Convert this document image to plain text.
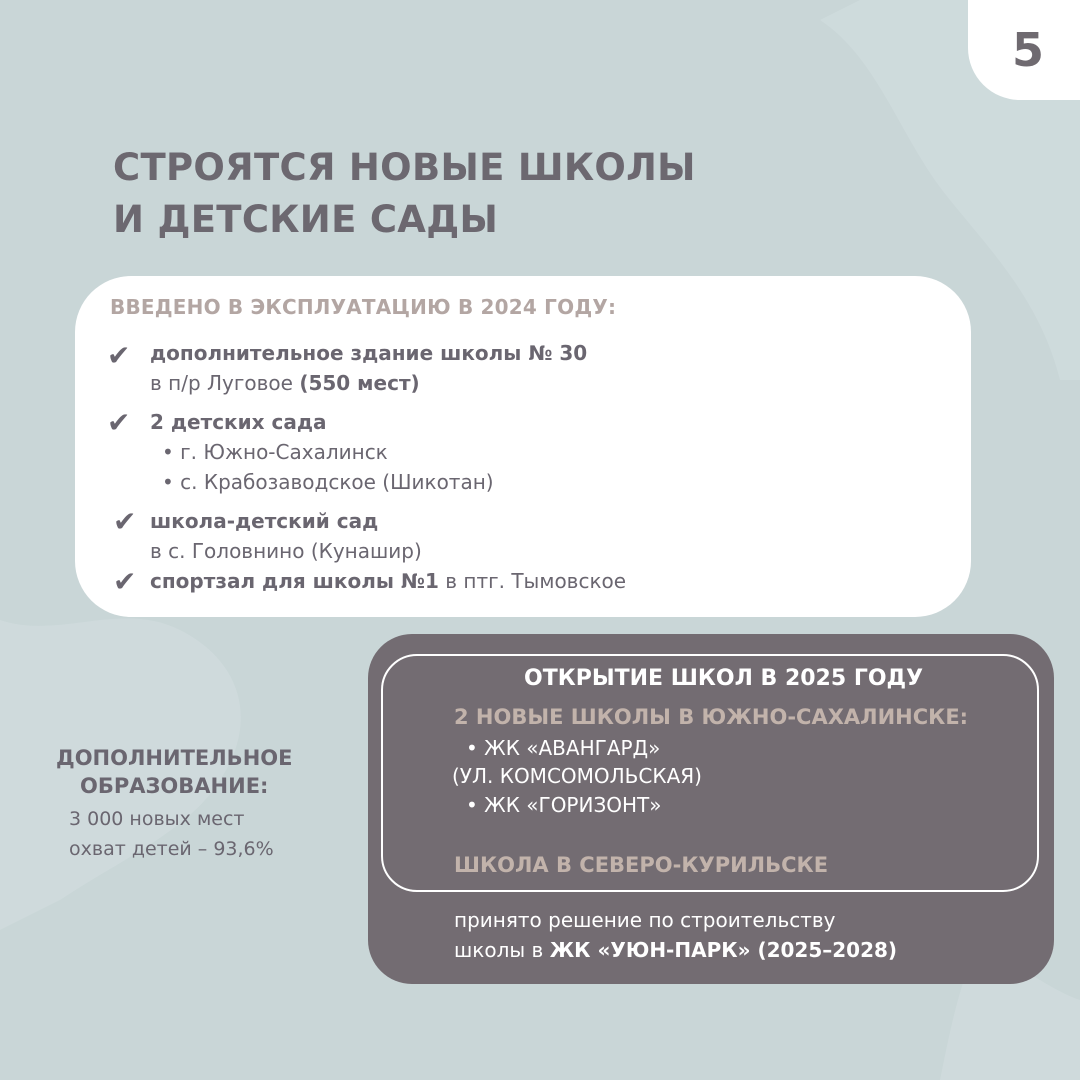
5
СТРОЯТСЯ НОВЫЕ ШКОЛЫ
И ДЕТСКИЕ САДЫ
ВВЕДЕНО В ЭКСПЛУАТАЦИЮ В 2024 ГОДУ:
✔ дополнительное здание школы № 30
в п/р Луговое (550 мест)
✔ 2 детских сада
• г. Южно-Сахалинск
• с. Крабозаводское (Шикотан)
✔ школа-детский сад
в с. Головнино (Кунашир)
✔ спортзал для школы №1 в птг. Тымовское
ДОПОЛНИТЕЛЬНОЕ
ОБРАЗОВАНИЕ:
3 000 новых мест
охват детей – 93,6%
ОТКРЫТИЕ ШКОЛ В 2025 ГОДУ
2 НОВЫЕ ШКОЛЫ В ЮЖНО-САХАЛИНСКЕ:
• ЖК «АВАНГАРД»
(УЛ. КОМСОМОЛЬСКАЯ)
• ЖК «ГОРИЗОНТ»
ШКОЛА В СЕВЕРО-КУРИЛЬСКЕ
принято решение по строительству
школы в ЖК «УЮН-ПАРК» (2025–2028)
